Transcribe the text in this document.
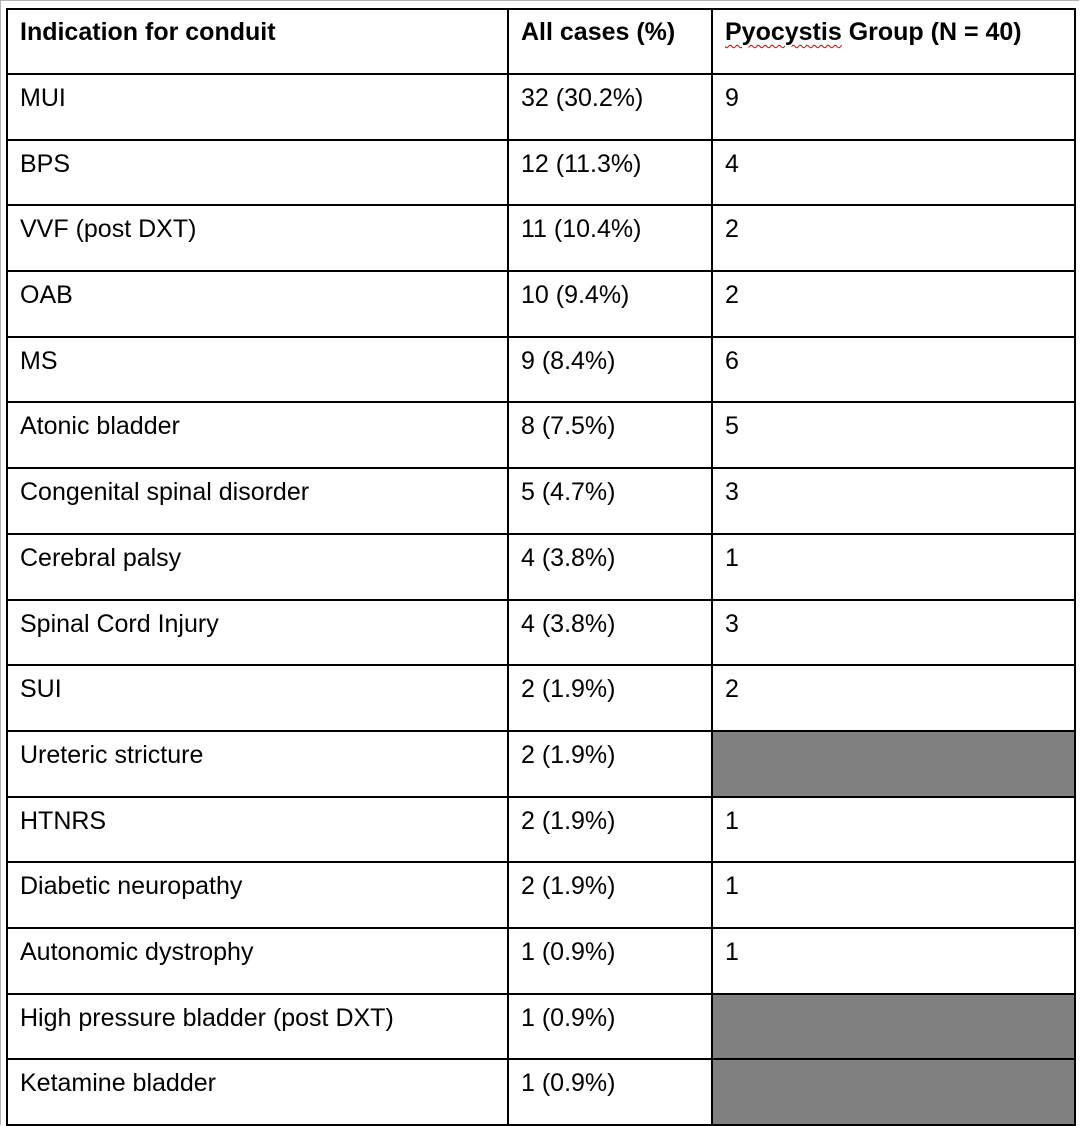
Indication for conduit	All cases (%)	Pyocystis Group (N = 40)
MUI	32 (30.2%)	9
BPS	12 (11.3%)	4
VVF (post DXT)	11 (10.4%)	2
OAB	10 (9.4%)	2
MS	9 (8.4%)	6
Atonic bladder	8 (7.5%)	5
Congenital spinal disorder	5 (4.7%)	3
Cerebral palsy	4 (3.8%)	1
Spinal Cord Injury	4 (3.8%)	3
SUI	2 (1.9%)	2
Ureteric stricture	2 (1.9%)	
HTNRS	2 (1.9%)	1
Diabetic neuropathy	2 (1.9%)	1
Autonomic dystrophy	1 (0.9%)	1
High pressure bladder (post DXT)	1 (0.9%)	
Ketamine bladder	1 (0.9%)	
